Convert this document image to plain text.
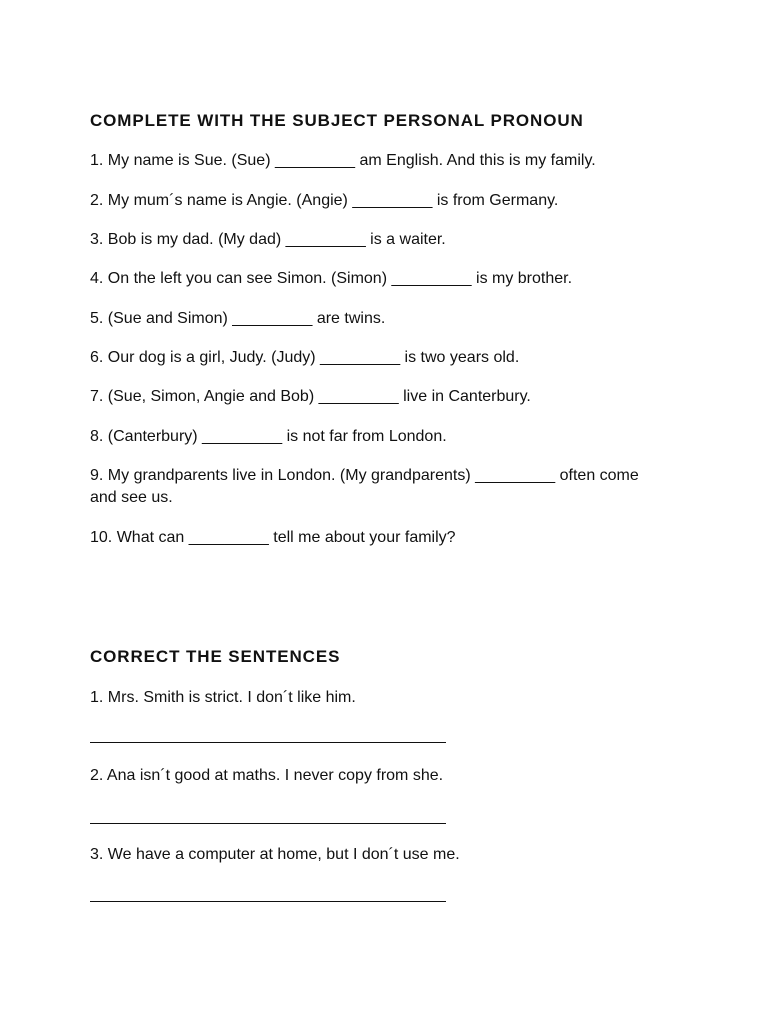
COMPLETE WITH THE SUBJECT PERSONAL PRONOUN

1. My name is Sue. (Sue) _________ am English. And this is my family.

2. My mum´s name is Angie. (Angie) _________ is from Germany.

3. Bob is my dad. (My dad) _________ is a waiter.

4. On the left you can see Simon. (Simon) _________ is my brother.

5. (Sue and Simon) _________ are twins.

6. Our dog is a girl, Judy. (Judy) _________ is two years old.

7. (Sue, Simon, Angie and Bob) _________ live in Canterbury.

8. (Canterbury) _________ is not far from London.

9. My grandparents live in London. (My grandparents) _________ often come and see us.

10. What can _________ tell me about your family?

CORRECT THE SENTENCES

1. Mrs. Smith is strict. I don´t like him.

2. Ana isn´t good at maths. I never copy from she.

3. We have a computer at home, but I don´t use me.
